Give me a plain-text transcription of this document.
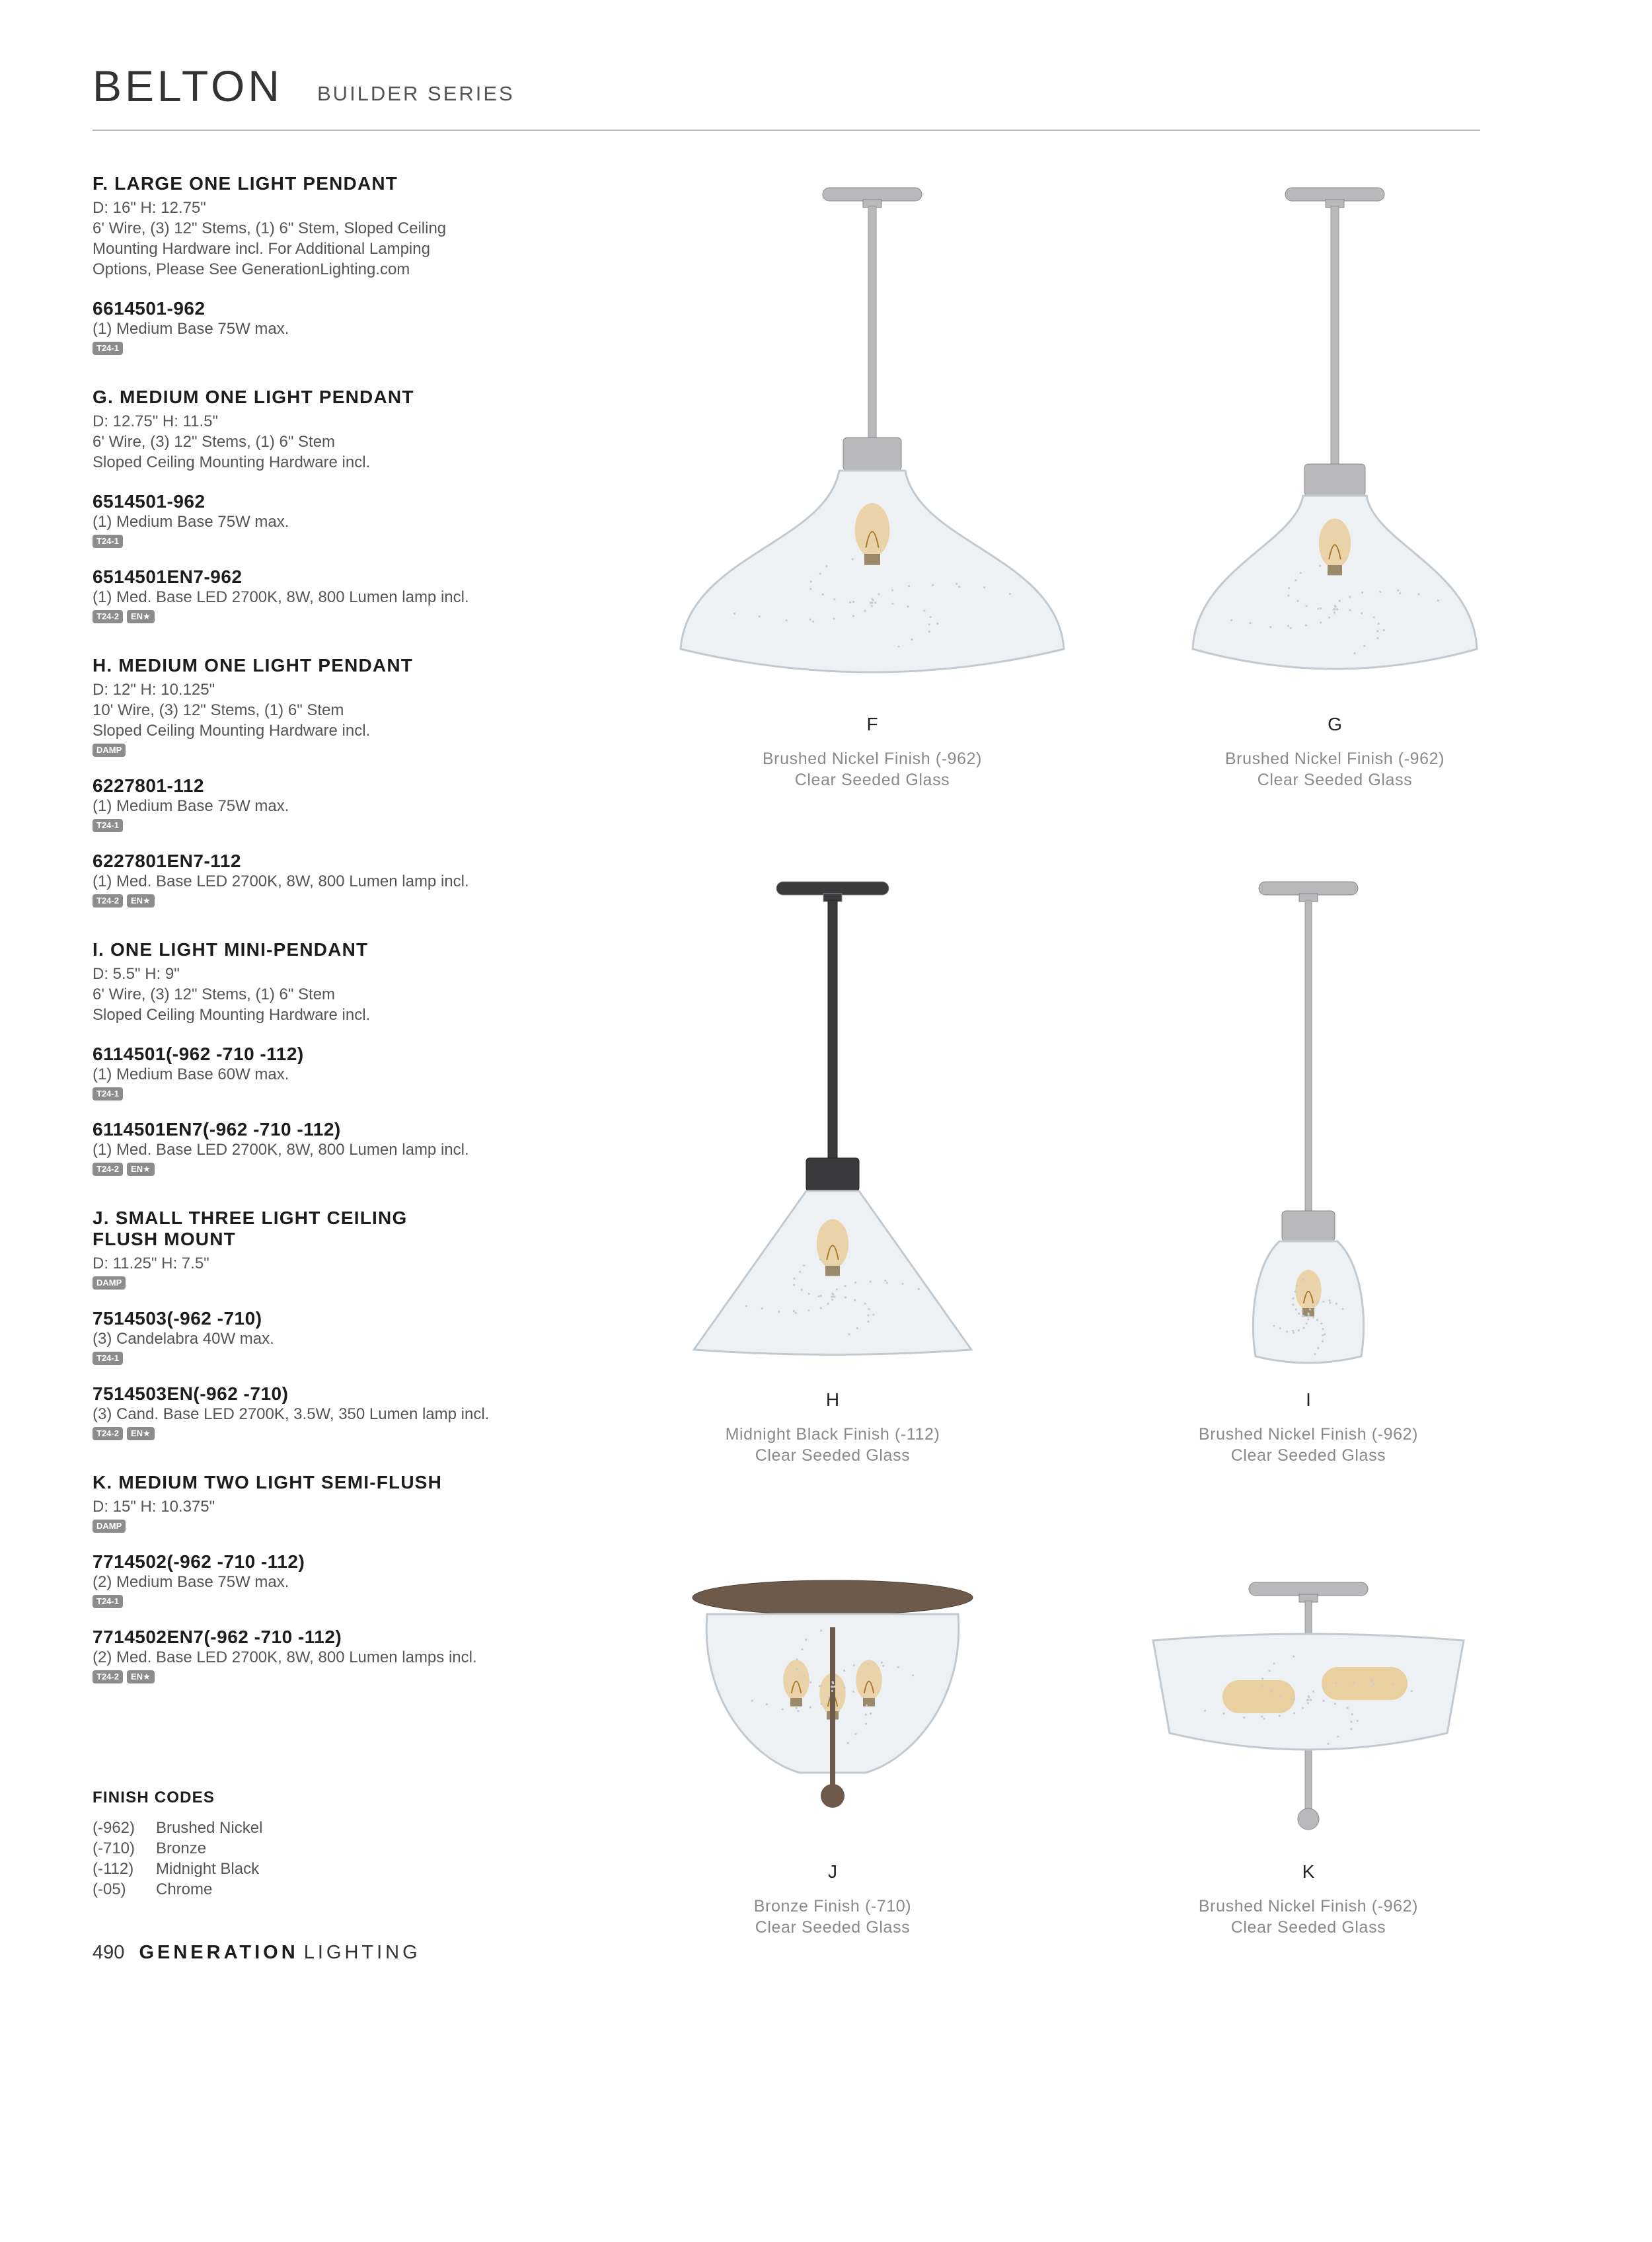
BELTON BUILDER SERIES
F. LARGE ONE LIGHT PENDANT
D: 16" H: 12.75"
6' Wire, (3) 12" Stems, (1) 6" Stem, Sloped Ceiling
Mounting Hardware incl. For Additional Lamping
Options, Please See GenerationLighting.com
6614501-962
(1) Medium Base 75W max.
T24-1
G. MEDIUM ONE LIGHT PENDANT
D: 12.75" H: 11.5"
6' Wire, (3) 12" Stems, (1) 6" Stem
Sloped Ceiling Mounting Hardware incl.
6514501-962
(1) Medium Base 75W max.
T24-1
6514501EN7-962
(1) Med. Base LED 2700K, 8W, 800 Lumen lamp incl.
T24-2	EN★
H. MEDIUM ONE LIGHT PENDANT
D: 12" H: 10.125"
10' Wire, (3) 12" Stems, (1) 6" Stem
Sloped Ceiling Mounting Hardware incl.
DAMP
6227801-112
(1) Medium Base 75W max.
T24-1
6227801EN7-112
(1) Med. Base LED 2700K, 8W, 800 Lumen lamp incl.
T24-2	EN★
I. ONE LIGHT MINI-PENDANT
D: 5.5" H: 9"
6' Wire, (3) 12" Stems, (1) 6" Stem
Sloped Ceiling Mounting Hardware incl.
6114501(-962 -710 -112)
(1) Medium Base 60W max.
T24-1
6114501EN7(-962 -710 -112)
(1) Med. Base LED 2700K, 8W, 800 Lumen lamp incl.
T24-2	EN★
J. SMALL THREE LIGHT CEILING FLUSH MOUNT
D: 11.25" H: 7.5"
DAMP
7514503(-962 -710)
(3) Candelabra 40W max.
T24-1
7514503EN(-962 -710)
(3) Cand. Base LED 2700K, 3.5W, 350 Lumen lamp incl.
T24-2	EN★
K. MEDIUM TWO LIGHT SEMI-FLUSH
D: 15" H: 10.375"
DAMP
7714502(-962 -710 -112)
(2) Medium Base 75W max.
T24-1
7714502EN7(-962 -710 -112)
(2) Med. Base LED 2700K, 8W, 800 Lumen lamps incl.
T24-2	EN★
FINISH CODES
(-962)	Brushed Nickel
(-710)	Bronze
(-112)	Midnight Black
(-05)	Chrome
490 GENERATION LIGHTING
F
Brushed Nickel Finish (-962)
Clear Seeded Glass
G
Brushed Nickel Finish (-962)
Clear Seeded Glass
H
Midnight Black Finish (-112)
Clear Seeded Glass
I
Brushed Nickel Finish (-962)
Clear Seeded Glass
J
Bronze Finish (-710)
Clear Seeded Glass
K
Brushed Nickel Finish (-962)
Clear Seeded Glass
